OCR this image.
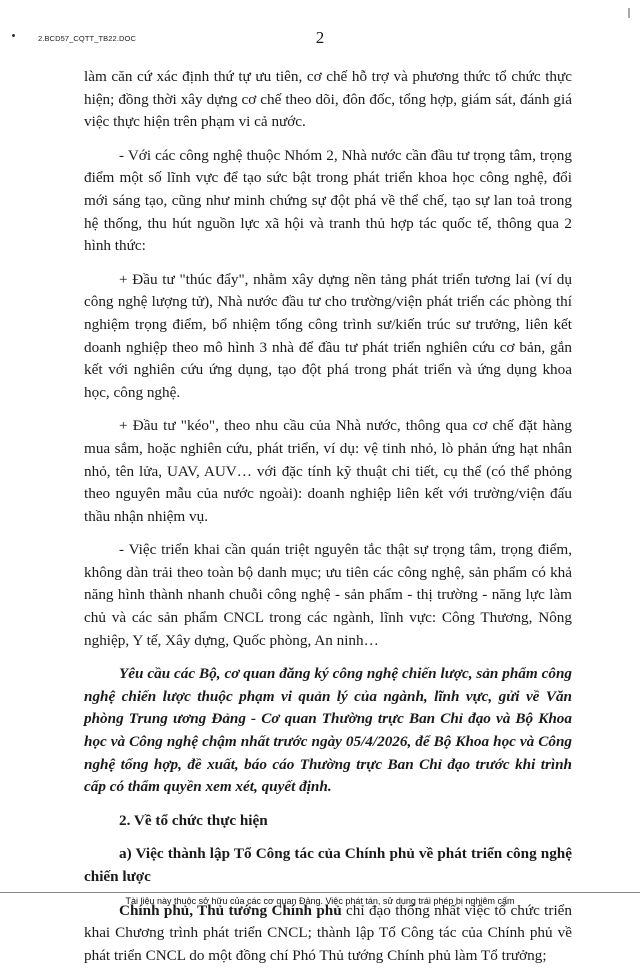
2.BCD57_CQTT_TB22.DOC	2

làm căn cứ xác định thứ tự ưu tiên, cơ chế hỗ trợ và phương thức tổ chức thực hiện; đồng thời xây dựng cơ chế theo dõi, đôn đốc, tổng hợp, giám sát, đánh giá việc thực hiện trên phạm vi cả nước.

- Với các công nghệ thuộc Nhóm 2, Nhà nước cần đầu tư trọng tâm, trọng điểm một số lĩnh vực để tạo sức bật trong phát triển khoa học công nghệ, đổi mới sáng tạo, cũng như minh chứng sự đột phá về thể chế, tạo sự lan toả trong hệ thống, thu hút nguồn lực xã hội và tranh thủ hợp tác quốc tế, thông qua 2 hình thức:

+ Đầu tư "thúc đẩy", nhằm xây dựng nền tảng phát triển tương lai (ví dụ công nghệ lượng tử), Nhà nước đầu tư cho trường/viện phát triển các phòng thí nghiệm trọng điểm, bổ nhiệm tổng công trình sư/kiến trúc sư trưởng, liên kết doanh nghiệp theo mô hình 3 nhà để đầu tư phát triển nghiên cứu cơ bản, gắn kết với nghiên cứu ứng dụng, tạo đột phá trong phát triển và ứng dụng khoa học, công nghệ.

+ Đầu tư "kéo", theo nhu cầu của Nhà nước, thông qua cơ chế đặt hàng mua sắm, hoặc nghiên cứu, phát triển, ví dụ: vệ tinh nhỏ, lò phản ứng hạt nhân nhỏ, tên lửa, UAV, AUV… với đặc tính kỹ thuật chi tiết, cụ thể (có thể phỏng theo nguyên mẫu của nước ngoài): doanh nghiệp liên kết với trường/viện đấu thầu nhận nhiệm vụ.

- Việc triển khai cần quán triệt nguyên tắc thật sự trọng tâm, trọng điểm, không dàn trải theo toàn bộ danh mục; ưu tiên các công nghệ, sản phẩm có khả năng hình thành nhanh chuỗi công nghệ - sản phẩm - thị trường - năng lực làm chủ và các sản phẩm CNCL trong các ngành, lĩnh vực: Công Thương, Nông nghiệp, Y tế, Xây dựng, Quốc phòng, An ninh…

Yêu cầu các Bộ, cơ quan đăng ký công nghệ chiến lược, sản phẩm công nghệ chiến lược thuộc phạm vi quản lý của ngành, lĩnh vực, gửi về Văn phòng Trung ương Đảng - Cơ quan Thường trực Ban Chỉ đạo và Bộ Khoa học và Công nghệ chậm nhất trước ngày 05/4/2026, để Bộ Khoa học và Công nghệ tổng hợp, đề xuất, báo cáo Thường trực Ban Chỉ đạo trước khi trình cấp có thẩm quyền xem xét, quyết định.

2. Về tổ chức thực hiện

a) Việc thành lập Tổ Công tác của Chính phủ về phát triển công nghệ chiến lược

Chính phủ, Thủ tướng Chính phủ chỉ đạo thống nhất việc tổ chức triển khai Chương trình phát triển CNCL; thành lập Tổ Công tác của Chính phủ về phát triển CNCL do một đồng chí Phó Thủ tướng Chính phủ làm Tổ trưởng;

Tài liệu này thuộc sở hữu của các cơ quan Đảng. Việc phát tán, sử dụng trái phép bị nghiêm cấm
